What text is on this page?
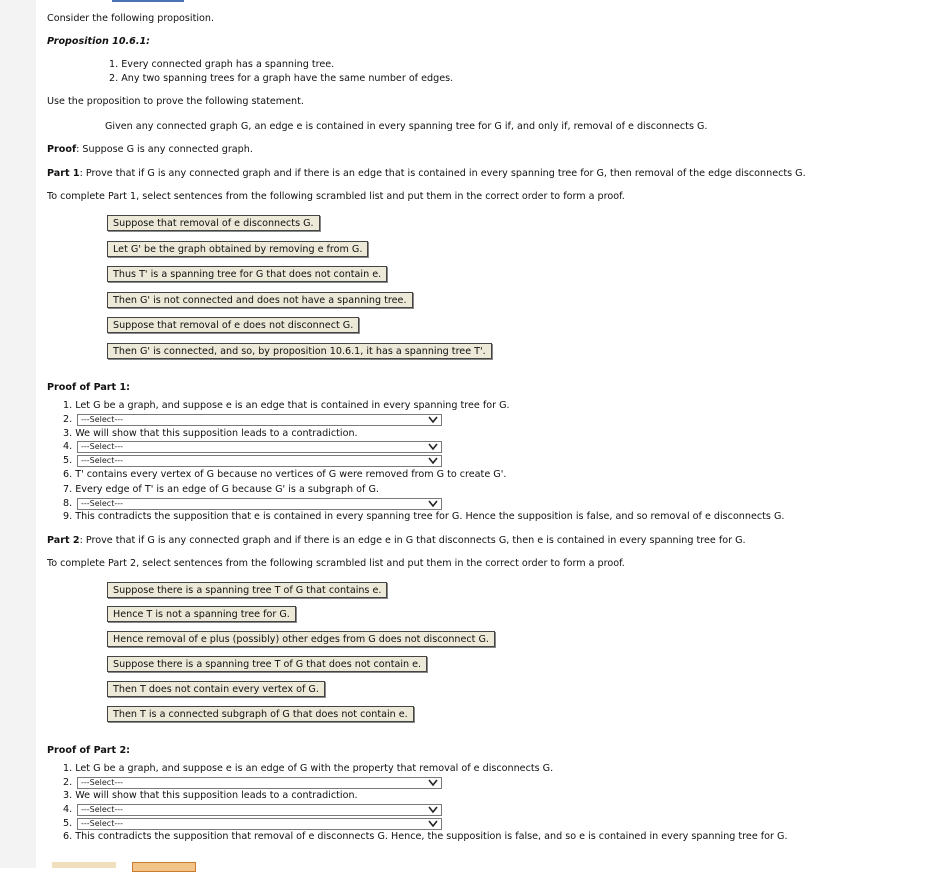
Consider the following proposition.
Proposition 10.6.1:
1. Every connected graph has a spanning tree.
2. Any two spanning trees for a graph have the same number of edges.
Use the proposition to prove the following statement.
Given any connected graph G, an edge e is contained in every spanning tree for G if, and only if, removal of e disconnects G.
Proof: Suppose G is any connected graph.
Part 1: Prove that if G is any connected graph and if there is an edge that is contained in every spanning tree for G, then removal of the edge disconnects G.
To complete Part 1, select sentences from the following scrambled list and put them in the correct order to form a proof.
Suppose that removal of e disconnects G.
Let G' be the graph obtained by removing e from G.
Thus T' is a spanning tree for G that does not contain e.
Then G' is not connected and does not have a spanning tree.
Suppose that removal of e does not disconnect G.
Then G' is connected, and so, by proposition 10.6.1, it has a spanning tree T'.
Proof of Part 1:
1. Let G be a graph, and suppose e is an edge that is contained in every spanning tree for G.
2.	---Select---
3. We will show that this supposition leads to a contradiction.
4.	---Select---
5.	---Select---
6. T' contains every vertex of G because no vertices of G were removed from G to create G'.
7. Every edge of T' is an edge of G because G' is a subgraph of G.
8.	---Select---
9. This contradicts the supposition that e is contained in every spanning tree for G. Hence the supposition is false, and so removal of e disconnects G.
Part 2: Prove that if G is any connected graph and if there is an edge e in G that disconnects G, then e is contained in every spanning tree for G.
To complete Part 2, select sentences from the following scrambled list and put them in the correct order to form a proof.
Suppose there is a spanning tree T of G that contains e.
Hence T is not a spanning tree for G.
Hence removal of e plus (possibly) other edges from G does not disconnect G.
Suppose there is a spanning tree T of G that does not contain e.
Then T does not contain every vertex of G.
Then T is a connected subgraph of G that does not contain e.
Proof of Part 2:
1. Let G be a graph, and suppose e is an edge of G with the property that removal of e disconnects G.
2.	---Select---
3. We will show that this supposition leads to a contradiction.
4.	---Select---
5.	---Select---
6. This contradicts the supposition that removal of e disconnects G. Hence, the supposition is false, and so e is contained in every spanning tree for G.
